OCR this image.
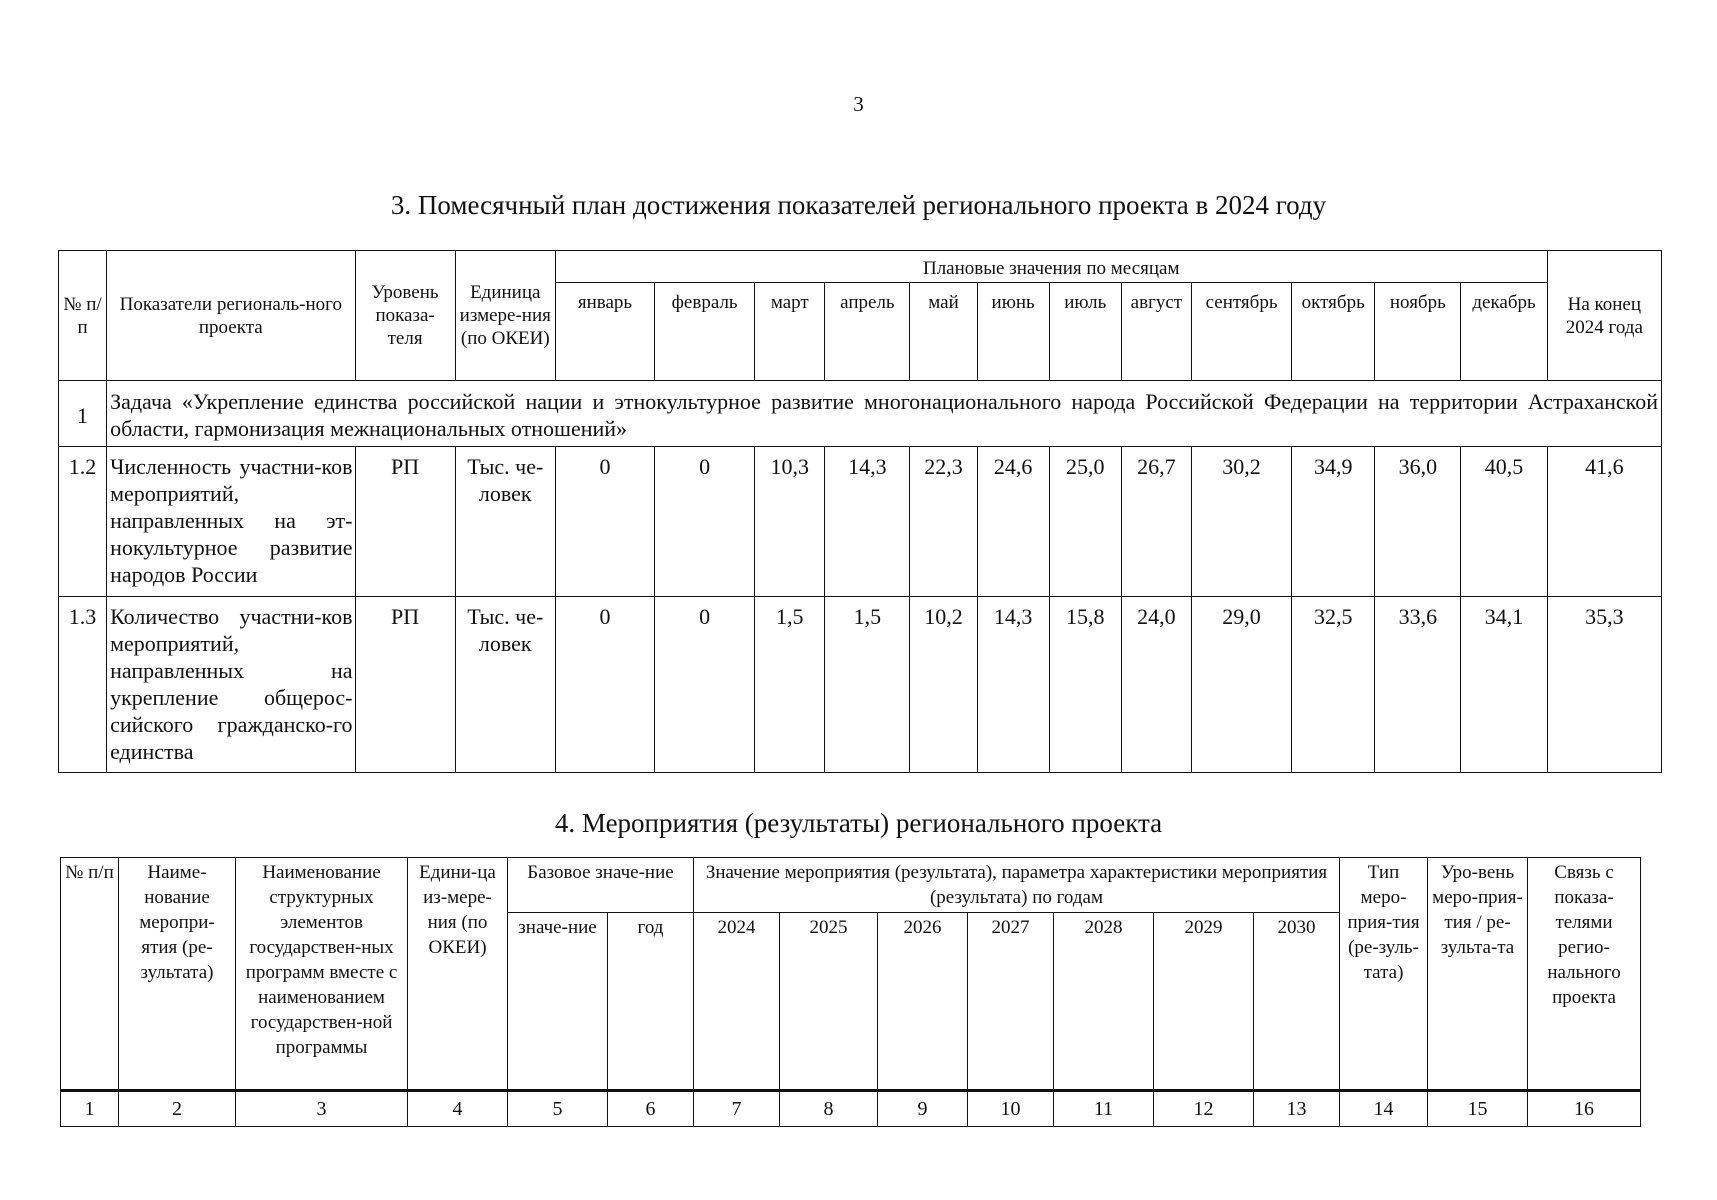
3
3. Помесячный план достижения показателей регионального проекта в 2024 году
№ п/п	Показатели региональ-ного проекта	Уровень показа-теля	Единица измере-ния (по ОКЕИ)	Плановые значения по месяцам												На конец 2024 года
				январь	февраль	март	апрель	май	июнь	июль	август	сентябрь	октябрь	ноябрь	декабрь	
1	Задача «Укрепление единства российской нации и этнокультурное развитие многонационального народа Российской Федерации на территории Астраханской области, гармонизация межнациональных отношений»															
1.2	Численность участни-ков мероприятий, направленных на эт-нокультурное развитие народов России	РП	Тыс. че-ловек	0	0	10,3	14,3	22,3	24,6	25,0	26,7	30,2	34,9	36,0	40,5	41,6
1.3	Количество участни-ков мероприятий, направленных на укрепление общерос-сийского гражданско-го единства	РП	Тыс. че-ловек	0	0	1,5	1,5	10,2	14,3	15,8	24,0	29,0	32,5	33,6	34,1	35,3
4. Мероприятия (результаты) регионального проекта
№ п/п	Наиме-нование меропри-ятия (ре-зультата)	Наименование структурных элементов государствен-ных программ вместе с наименованием государствен-ной программы	Едини-ца из-мере-ния (по ОКЕИ)	Базовое значе-ние		Значение мероприятия (результата), параметра характеристики мероприятия (результата) по годам							Тип меро-прия-тия (ре-зуль-тата)	Уро-вень меро-прия-тия / ре-зульта-та	Связь с показа-телями регио-нального проекта
				значе-ние	год	2024	2025	2026	2027	2028	2029	2030			
1	2	3	4	5	6	7	8	9	10	11	12	13	14	15	16
